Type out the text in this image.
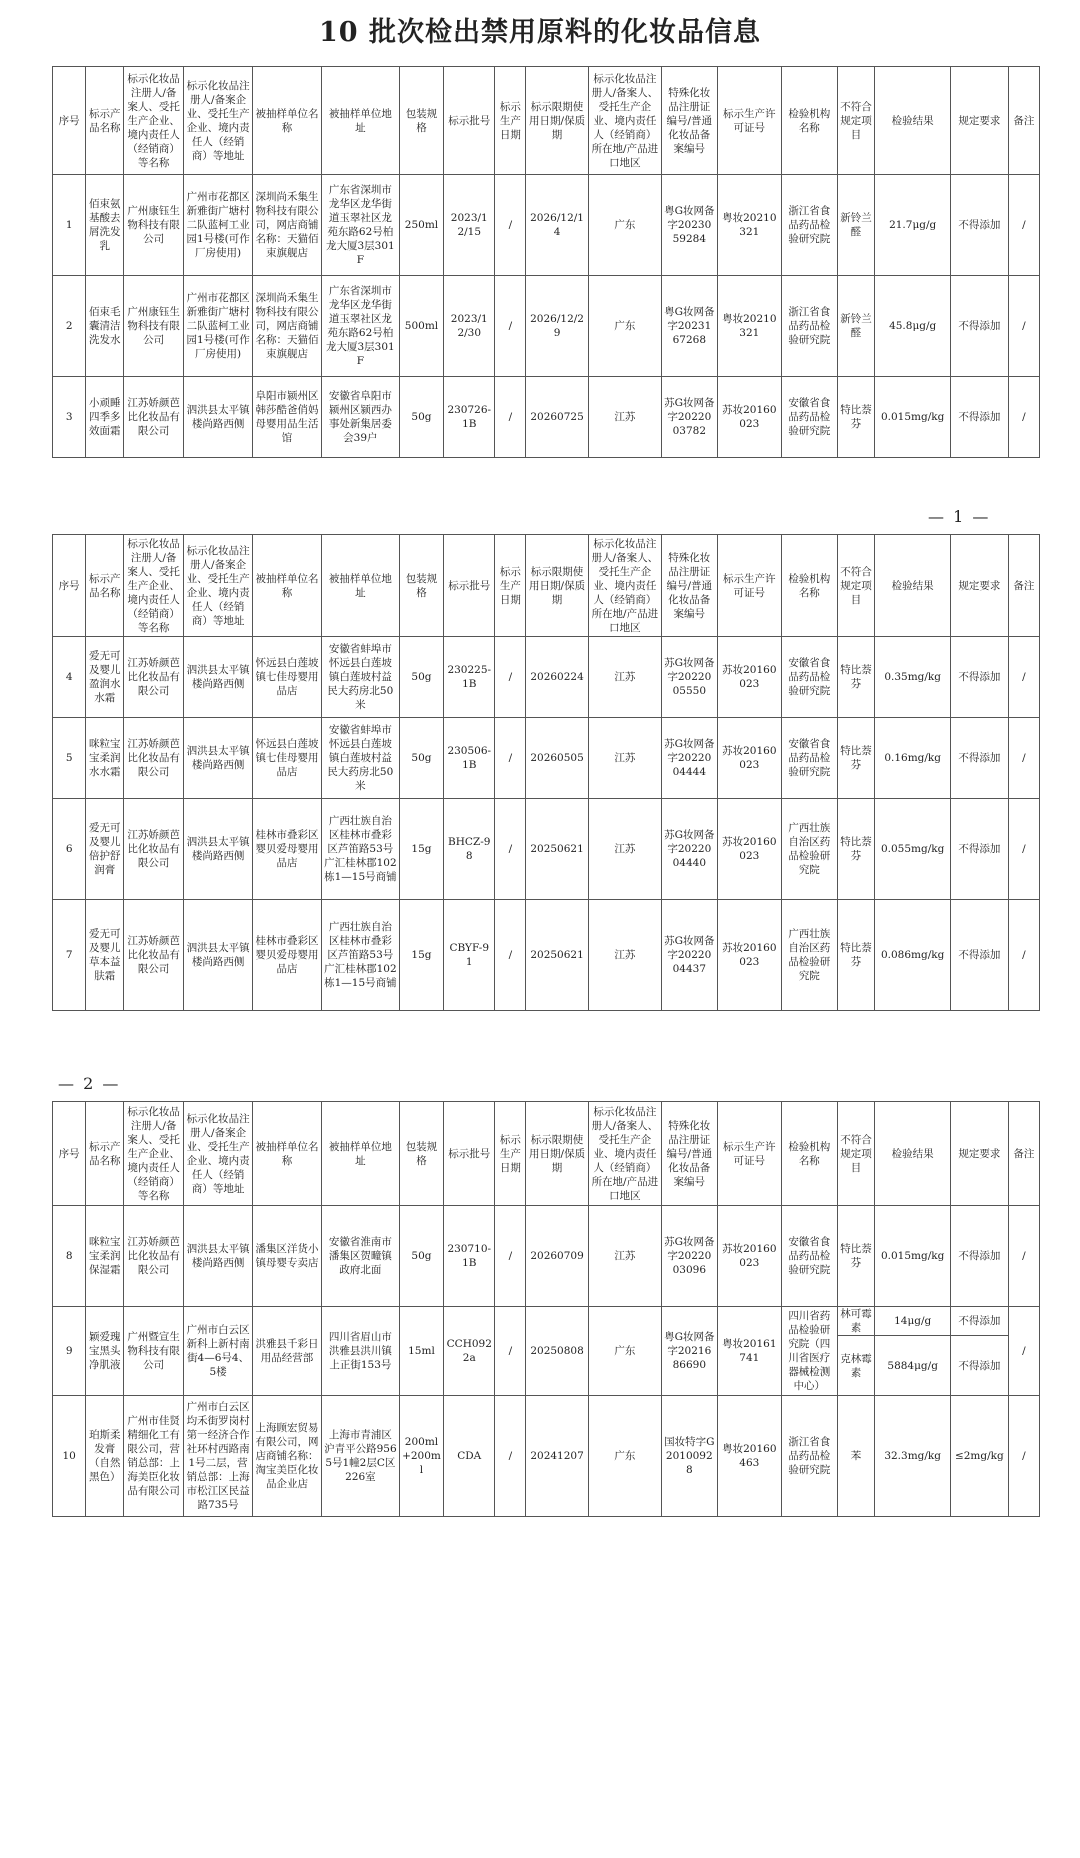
10 批次检出禁用原料的化妆品信息
序号	标示产品名称	标示化妆品注册人/备案人、受托生产企业、境内责任人（经销商）等名称	标示化妆品注册人/备案企业、受托生产企业、境内责任人（经销商）等地址	被抽样单位名称	被抽样单位地址	包装规格	标示批号	标示生产日期	标示限期使用日期/保质期	标示化妆品注册人/备案人、受托生产企业、境内责任人（经销商）所在地/产品进口地区	特殊化妆品注册证编号/普通化妆品备案编号	标示生产许可证号	检验机构名称	不符合规定项目	检验结果	规定要求	备注
1	佰束氨基酸去屑洗发乳	广州康钰生物科技有限公司	广州市花都区新雅街广塘村二队蓝柯工业园1号楼(可作厂房使用)	深圳尚禾集生物科技有限公司，网店商铺名称：天猫佰束旗舰店	广东省深圳市龙华区龙华街道玉翠社区龙苑东路62号柏龙大厦3层301F	250ml	2023/12/15	/	2026/12/14	广东	粤G妆网备字2023059284	粤妆20210321	浙江省食品药品检验研究院	新铃兰醛	21.7μg/g	不得添加	/
2	佰束毛囊清洁洗发水	广州康钰生物科技有限公司	广州市花都区新雅街广塘村二队蓝柯工业园1号楼(可作厂房使用)	深圳尚禾集生物科技有限公司，网店商铺名称：天猫佰束旗舰店	广东省深圳市龙华区龙华街道玉翠社区龙苑东路62号柏龙大厦3层301F	500ml	2023/12/30	/	2026/12/29	广东	粤G妆网备字2023167268	粤妆20210321	浙江省食品药品检验研究院	新铃兰醛	45.8μg/g	不得添加	/
3	小顽睡四季多效面霜	江苏娇颜芭比化妆品有限公司	泗洪县太平镇楼尚路西侧	阜阳市颍州区韩莎酷爸俏妈母婴用品生活馆	安徽省阜阳市颍州区颍西办事处新集居委会39户	50g	230726-1B	/	20260725	江苏	苏G妆网备字2022003782	苏妆20160023	安徽省食品药品检验研究院	特比萘芬	0.015mg/kg	不得添加	/
— 1 —
序号	标示产品名称	标示化妆品注册人/备案人、受托生产企业、境内责任人（经销商）等名称	标示化妆品注册人/备案企业、受托生产企业、境内责任人（经销商）等地址	被抽样单位名称	被抽样单位地址	包装规格	标示批号	标示生产日期	标示限期使用日期/保质期	标示化妆品注册人/备案人、受托生产企业、境内责任人（经销商）所在地/产品进口地区	特殊化妆品注册证编号/普通化妆品备案编号	标示生产许可证号	检验机构名称	不符合规定项目	检验结果	规定要求	备注
4	爱无可及婴儿盈润水水霜	江苏娇颜芭比化妆品有限公司	泗洪县太平镇楼尚路西侧	怀远县白莲坡镇七佳母婴用品店	安徽省蚌埠市怀远县白莲坡镇白莲坡村益民大药房北50米	50g	230225-1B	/	20260224	江苏	苏G妆网备字2022005550	苏妆20160023	安徽省食品药品检验研究院	特比萘芬	0.35mg/kg	不得添加	/
5	咪粒宝宝柔润水水霜	江苏娇颜芭比化妆品有限公司	泗洪县太平镇楼尚路西侧	怀远县白莲坡镇七佳母婴用品店	安徽省蚌埠市怀远县白莲坡镇白莲坡村益民大药房北50米	50g	230506-1B	/	20260505	江苏	苏G妆网备字2022004444	苏妆20160023	安徽省食品药品检验研究院	特比萘芬	0.16mg/kg	不得添加	/
6	爱无可及婴儿倍护舒润膏	江苏娇颜芭比化妆品有限公司	泗洪县太平镇楼尚路西侧	桂林市叠彩区婴贝爱母婴用品店	广西壮族自治区桂林市叠彩区芦笛路53号广汇桂林郡102栋1—15号商铺	15g	BHCZ-98	/	20250621	江苏	苏G妆网备字2022004440	苏妆20160023	广西壮族自治区药品检验研究院	特比萘芬	0.055mg/kg	不得添加	/
7	爱无可及婴儿草本益肤霜	江苏娇颜芭比化妆品有限公司	泗洪县太平镇楼尚路西侧	桂林市叠彩区婴贝爱母婴用品店	广西壮族自治区桂林市叠彩区芦笛路53号广汇桂林郡102栋1—15号商铺	15g	CBYF-91	/	20250621	江苏	苏G妆网备字2022004437	苏妆20160023	广西壮族自治区药品检验研究院	特比萘芬	0.086mg/kg	不得添加	/
— 2 —
序号	标示产品名称	标示化妆品注册人/备案人、受托生产企业、境内责任人（经销商）等名称	标示化妆品注册人/备案企业、受托生产企业、境内责任人（经销商）等地址	被抽样单位名称	被抽样单位地址	包装规格	标示批号	标示生产日期	标示限期使用日期/保质期	标示化妆品注册人/备案人、受托生产企业、境内责任人（经销商）所在地/产品进口地区	特殊化妆品注册证编号/普通化妆品备案编号	标示生产许可证号	检验机构名称	不符合规定项目	检验结果	规定要求	备注
8	咪粒宝宝柔润保湿霜	江苏娇颜芭比化妆品有限公司	泗洪县太平镇楼尚路西侧	潘集区洋货小镇母婴专卖店	安徽省淮南市潘集区贺疃镇政府北面	50g	230710-1B	/	20260709	江苏	苏G妆网备字2022003096	苏妆20160023	安徽省食品药品检验研究院	特比萘芬	0.015mg/kg	不得添加	/
9	颖爱瑰宝黑头净肌液	广州暨宣生物科技有限公司	广州市白云区新科上新村南街4—6号4、5楼	洪雅县千彩日用品经营部	四川省眉山市洪雅县洪川镇上正街153号	15ml	CCH0922a	/	20250808	广东	粤G妆网备字2021686690	粤妆20161741	四川省药品检验研究院（四川省医疗器械检测中心）	林可霉素	14μg/g	不得添加	/
														克林霉素	5884μg/g	不得添加	
10	珀斯柔发膏（自然黑色）	广州市佳贤精细化工有限公司，营销总部：上海美臣化妆品有限公司	广州市白云区均禾街罗岗村第一经济合作社环村西路南1号二层，营销总部：上海市松江区民益路735号	上海顾宏贸易有限公司，网店商铺名称：淘宝美臣化妆品企业店	上海市青浦区沪青平公路9565号1幢2层C区226室	200ml+200ml	CDA	/	20241207	广东	国妆特字G20100928	粤妆20160463	浙江省食品药品检验研究院	苯	32.3mg/kg	≤2mg/kg	/
